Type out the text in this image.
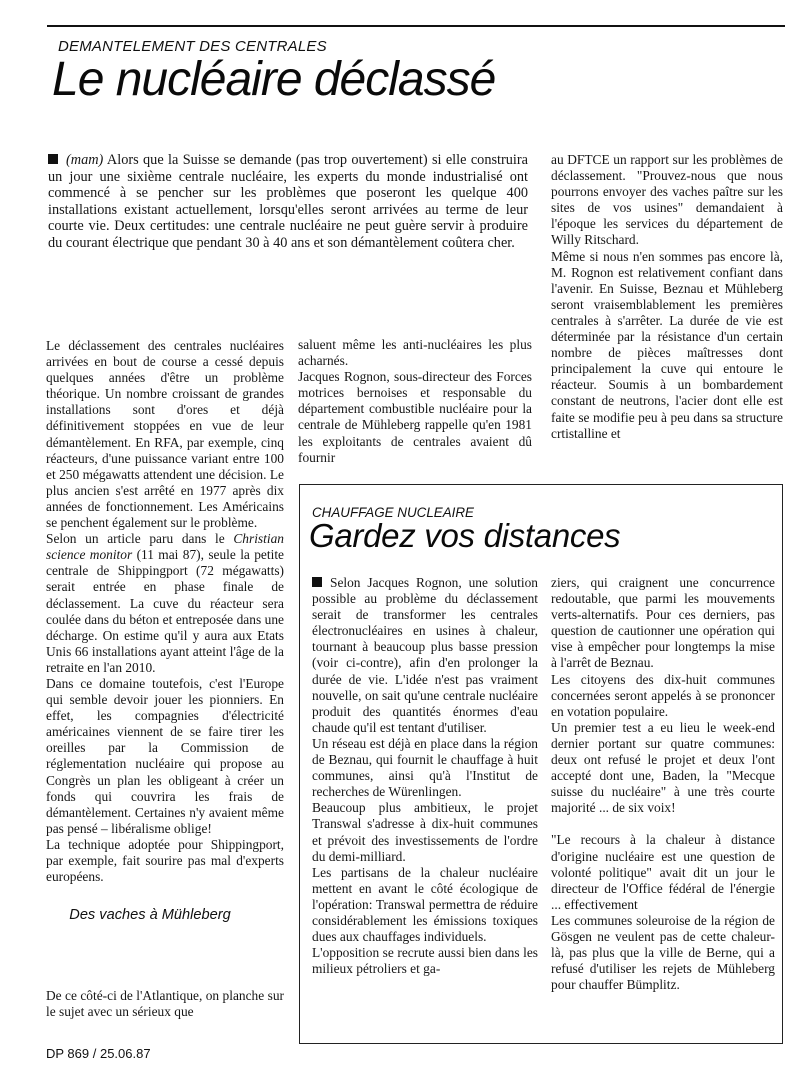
DEMANTELEMENT DES CENTRALES
Le nucléaire déclassé
(mam) Alors que la Suisse se demande (pas trop ouvertement) si elle construira un jour une sixième centrale nucléaire, les experts du monde industrialisé ont commencé à se pencher sur les problèmes que poseront les quelque 400 installations existant actuellement, lorsqu'elles seront arrivées au terme de leur courte vie. Deux certitudes: une centrale nucléaire ne peut guère servir à produire du courant électrique que pendant 30 à 40 ans et son démantèlement coûtera cher.

au DFTCE un rapport sur les problèmes de déclassement. "Prouvez-nous que nous pourrons envoyer des vaches paître sur les sites de vos usines" demandaient à l'époque les services du département de Willy Ritschard.

Même si nous n'en sommes pas encore là, M. Rognon est relativement confiant dans l'avenir. En Suisse, Beznau et Mühleberg seront vraisemblablement les premières centrales à s'arrêter. La durée de vie est déterminée par la résistance d'un certain nombre de pièces maîtresses dont principalement la cuve qui entoure le réacteur. Soumis à un bombardement constant de neutrons, l'acier dont elle est faite se modifie peu à peu dans sa structure crtistalline et

Le déclassement des centrales nucléaires arrivées en bout de course a cessé depuis quelques années d'être un problème théorique. Un nombre croissant de grandes installations sont d'ores et déjà définitivement stoppées en vue de leur démantèlement. En RFA, par exemple, cinq réacteurs, d'une puissance variant entre 100 et 250 mégawatts attendent une décision. Le plus ancien s'est arrêté en 1977 après dix années de fonctionnement. Les Américains se penchent également sur le problème.

Selon un article paru dans le Christian science monitor (11 mai 87), seule la petite centrale de Shippingport (72 mégawatts) serait entrée en phase finale de déclassement. La cuve du réacteur sera coulée dans du béton et entreposée dans une décharge. On estime qu'il y aura aux Etats Unis 66 installations ayant atteint l'âge de la retraite en l'an 2010.

Dans ce domaine toutefois, c'est l'Europe qui semble devoir jouer les pionniers. En effet, les compagnies d'électricité américaines viennent de se faire tirer les oreilles par la Commission de réglementation nucléaire qui propose au Congrès un plan les obligeant à créer un fonds qui couvrira les frais de démantèlement. Certaines n'y avaient même pas pensé – libéralisme oblige!

La technique adoptée pour Shippingport, par exemple, fait sourire pas mal d'experts européens.

Des vaches à Mühleberg

De ce côté-ci de l'Atlantique, on planche sur le sujet avec un sérieux que

saluent même les anti-nucléaires les plus acharnés.

Jacques Rognon, sous-directeur des Forces motrices bernoises et responsable du département combustible nucléaire pour la centrale de Mühleberg rappelle qu'en 1981 les exploitants de centrales avaient dû fournir

CHAUFFAGE NUCLEAIRE
Gardez vos distances

Selon Jacques Rognon, une solution possible au problème du déclassement serait de transformer les centrales électronucléaires en usines à chaleur, tournant à beaucoup plus basse pression (voir ci-contre), afin d'en prolonger la durée de vie. L'idée n'est pas vraiment nouvelle, on sait qu'une centrale nucléaire produit des quantités énormes d'eau chaude qu'il est tentant d'utiliser.

Un réseau est déjà en place dans la région de Beznau, qui fournit le chauffage à huit communes, ainsi qu'à l'Institut de recherches de Würenlingen.

Beaucoup plus ambitieux, le projet Transwal s'adresse à dix-huit communes et prévoit des investissements de l'ordre du demi-milliard.

Les partisans de la chaleur nucléaire mettent en avant le côté écologique de l'opération: Transwal permettra de réduire considérablement les émissions toxiques dues aux chauffages individuels.

L'opposition se recrute aussi bien dans les milieux pétroliers et ga-

ziers, qui craignent une concurrence redoutable, que parmi les mouvements verts-alternatifs. Pour ces derniers, pas question de cautionner une opération qui vise à empêcher pour longtemps la mise à l'arrêt de Beznau.

Les citoyens des dix-huit communes concernées seront appelés à se prononcer en votation populaire.

Un premier test a eu lieu le week-end dernier portant sur quatre communes: deux ont refusé le projet et deux l'ont accepté dont une, Baden, la "Mecque suisse du nucléaire" à une très courte majorité ... de six voix!

"Le recours à la chaleur à distance d'origine nucléaire est une question de volonté politique" avait dit un jour le directeur de l'Office fédéral de l'énergie ... effectivement

Les communes soleuroise de la région de Gösgen ne veulent pas de cette chaleur-là, pas plus que la ville de Berne, qui a refusé d'utiliser les rejets de Mühleberg pour chauffer Bümplitz.

DP 869 / 25.06.87
